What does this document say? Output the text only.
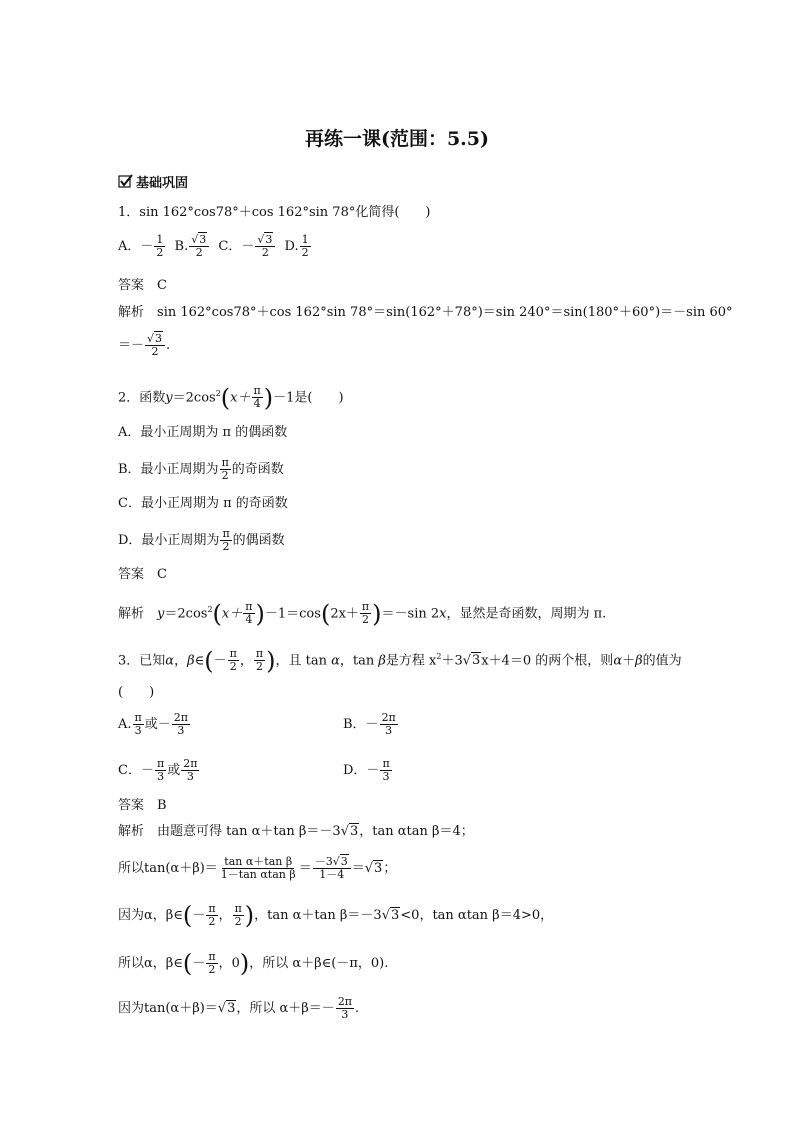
再练一课(范围：5.5)
基础巩固
1．sin 162°cos78°＋cos 162°sin 78°化简得(　　)
A．－ $\frac{1}{2} B$. $\frac{√3}{2}$ C．－ $\frac{√3}{2} D$. $\frac{1}{2}$
答案　 C
解析　 sin 162°cos78°＋cos 162°sin 78°＝sin(162°＋78°)＝sin 240°＝sin(180°＋60°)＝－sin 60°
＝－ $\frac{√3}{2}$ .
2．函数$y=2\cos^2(x+ \frac{\pi}{4} )-1$是(　　)
A．最小正周期为 π 的偶函数
B．最小正周期为 $\frac{\pi}{2}$ 的奇函数
C．最小正周期为 π 的奇函数
D．最小正周期为 $\frac{\pi}{2}$ 的偶函数
答案　 C
解析　 $y=2\cos^2(x+ \frac{\pi}{4} )-1=\cos(2x+ \frac{\pi}{2} )=-\sin$ 2x，显然是奇函数，周期为 π.
3．已知α，β∈(－ $\frac{\pi}{2}$ ， $\frac{\pi}{2}$ )，且 tan α，tan β是方程 $x^2+3√3x+4=0$ 的两个根，则α＋β的值为
(　　)
A. $\frac{\pi}{3}$ 或－ $\frac{2\pi}{3}$	B．－ $\frac{2\pi}{3}$
C．－ $\frac{\pi}{3}$ 或 $\frac{2\pi}{3}$	D．－ $\frac{\pi}{3}$
答案　 B
解析　 由题意可得 tan α＋tan β＝－3√3，tan αtan β＝4；
所以$\tan(\alpha+\beta)= \frac{\text{tan α＋tan β}}{\text{1－tan αtan β}} = \frac{-3√3}{1-4} =√3$；
因为α，β∈(－ $\frac{\pi}{2}$ ， $\frac{\pi}{2}$ )，tan α＋tan β＝－3√3<0，tan αtan β＝4>0，
所以α，β∈(－ $\frac{\pi}{2}$ ，0)，所以 α＋β∈(－π，0).
因为tan(α＋β)＝√3，所以 $\alpha+\beta=- \frac{2\pi}{3}$ .
